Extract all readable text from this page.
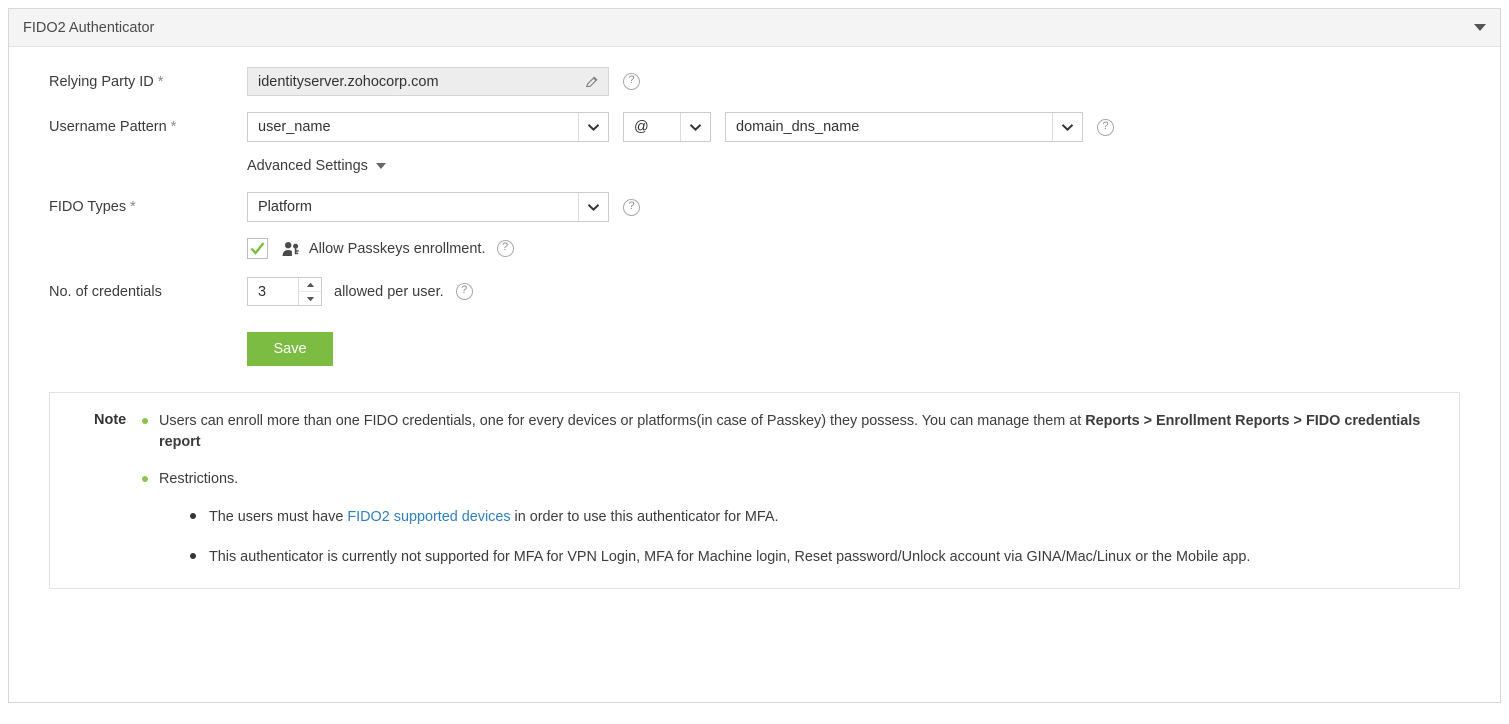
FIDO2 Authenticator
Relying Party ID *	identityserver.zohocorp.com	?
Username Pattern *	user_name	@	domain_dns_name	?
Advanced Settings
FIDO Types *	Platform	?
Allow Passkeys enrollment.	?
No. of credentials	3	allowed per user.	?
Save
Note	Users can enroll more than one FIDO credentials, one for every devices or platforms(in case of Passkey) they possess. You can manage them at Reports > Enrollment Reports > FIDO credentials report
Restrictions.
The users must have FIDO2 supported devices in order to use this authenticator for MFA.
This authenticator is currently not supported for MFA for VPN Login, MFA for Machine login, Reset password/Unlock account via GINA/Mac/Linux or the Mobile app.
